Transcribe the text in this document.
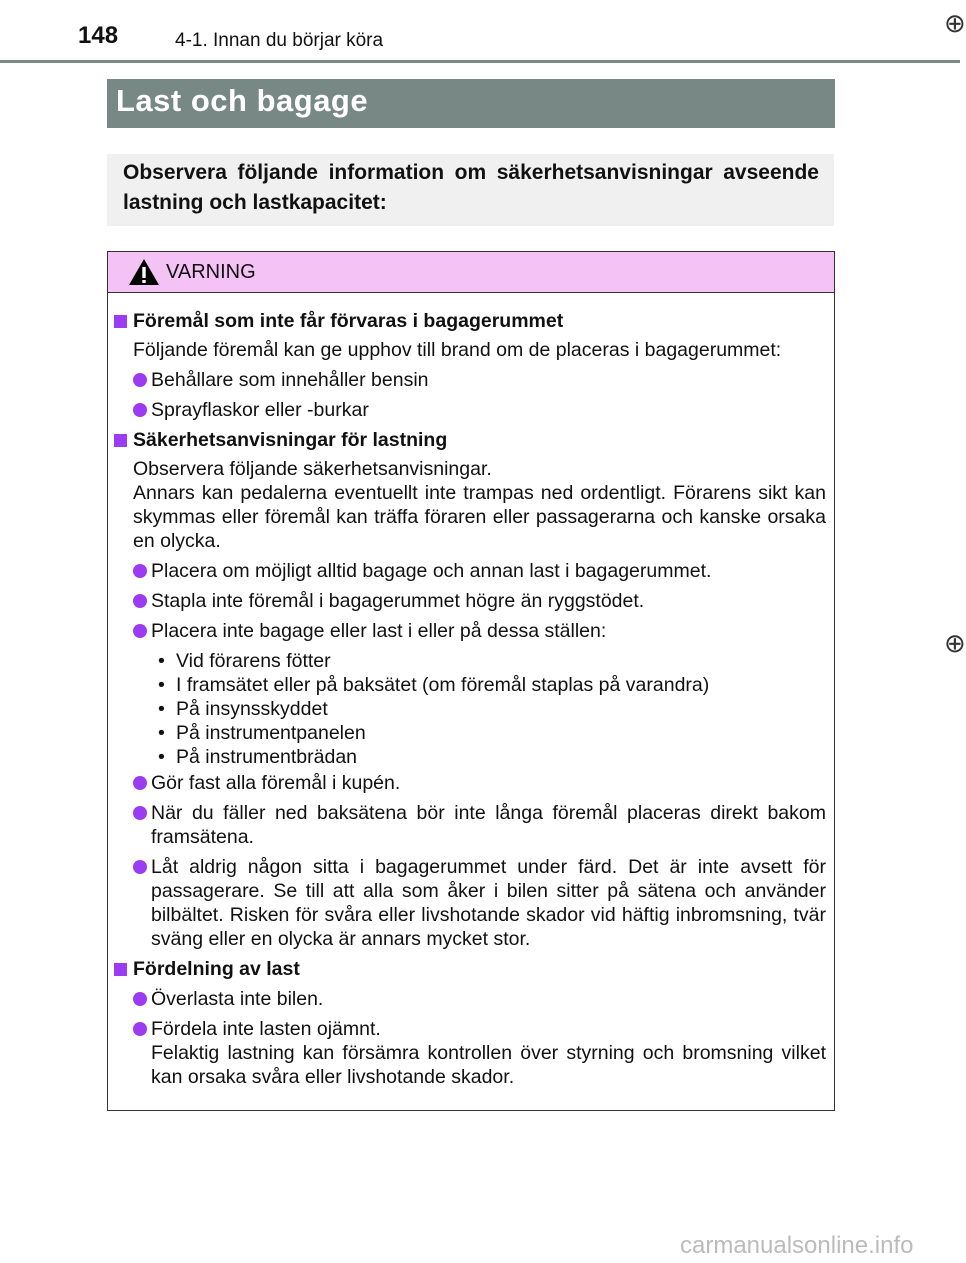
148	4-1. Innan du börjar köra
⊕
⊕
Last och bagage
Observera följande information om säkerhetsanvisningar avseende lastning och lastkapacitet:
VARNING
Föremål som inte får förvaras i bagagerummet
Följande föremål kan ge upphov till brand om de placeras i bagagerummet:
Behållare som innehåller bensin
Sprayflaskor eller -burkar
Säkerhetsanvisningar för lastning
Observera följande säkerhetsanvisningar.
Annars kan pedalerna eventuellt inte trampas ned ordentligt. Förarens sikt kan skymmas eller föremål kan träffa föraren eller passagerarna och kanske orsaka en olycka.
Placera om möjligt alltid bagage och annan last i bagagerummet.
Stapla inte föremål i bagagerummet högre än ryggstödet.
Placera inte bagage eller last i eller på dessa ställen:
• Vid förarens fötter
• I framsätet eller på baksätet (om föremål staplas på varandra)
• På insynsskyddet
• På instrumentpanelen
• På instrumentbrädan
Gör fast alla föremål i kupén.
När du fäller ned baksätena bör inte långa föremål placeras direkt bakom framsätena.
Låt aldrig någon sitta i bagagerummet under färd. Det är inte avsett för passagerare. Se till att alla som åker i bilen sitter på sätena och använder bilbältet. Risken för svåra eller livshotande skador vid häftig inbromsning, tvär sväng eller en olycka är annars mycket stor.
Fördelning av last
Överlasta inte bilen.
Fördela inte lasten ojämnt.
Felaktig lastning kan försämra kontrollen över styrning och bromsning vilket kan orsaka svåra eller livshotande skador.
carmanualsonline.info
